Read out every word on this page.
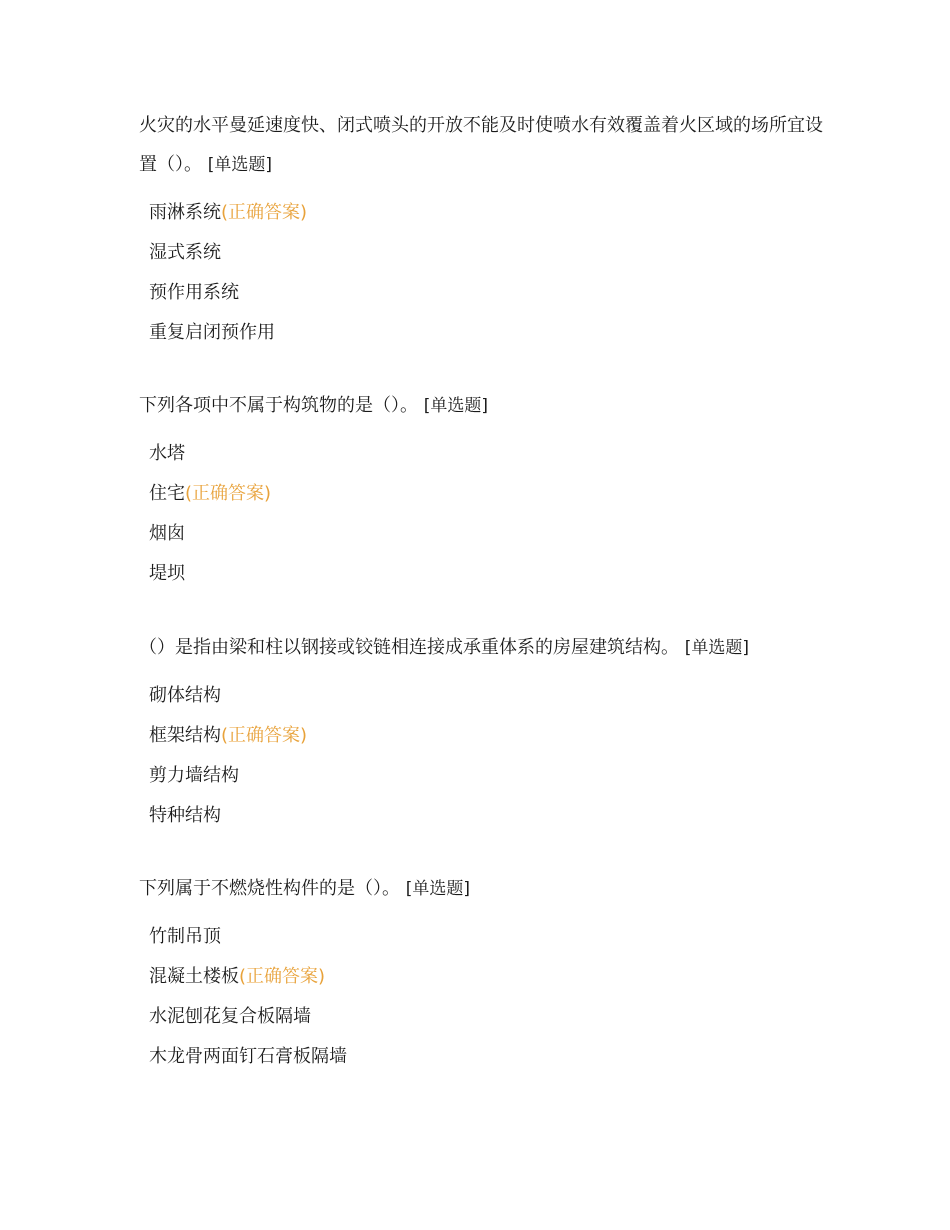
火灾的水平曼延速度快、闭式喷头的开放不能及时使喷水有效覆盖着火区域的场所宜设置（）。 [单选题]

雨淋系统(正确答案)
湿式系统
预作用系统
重复启闭预作用

下列各项中不属于构筑物的是（）。 [单选题]

水塔
住宅(正确答案)
烟囱
堤坝

（）是指由梁和柱以钢接或铰链相连接成承重体系的房屋建筑结构。 [单选题]

砌体结构
框架结构(正确答案)
剪力墙结构
特种结构

下列属于不燃烧性构件的是（）。 [单选题]

竹制吊顶
混凝土楼板(正确答案)
水泥刨花复合板隔墙
木龙骨两面钉石膏板隔墙
